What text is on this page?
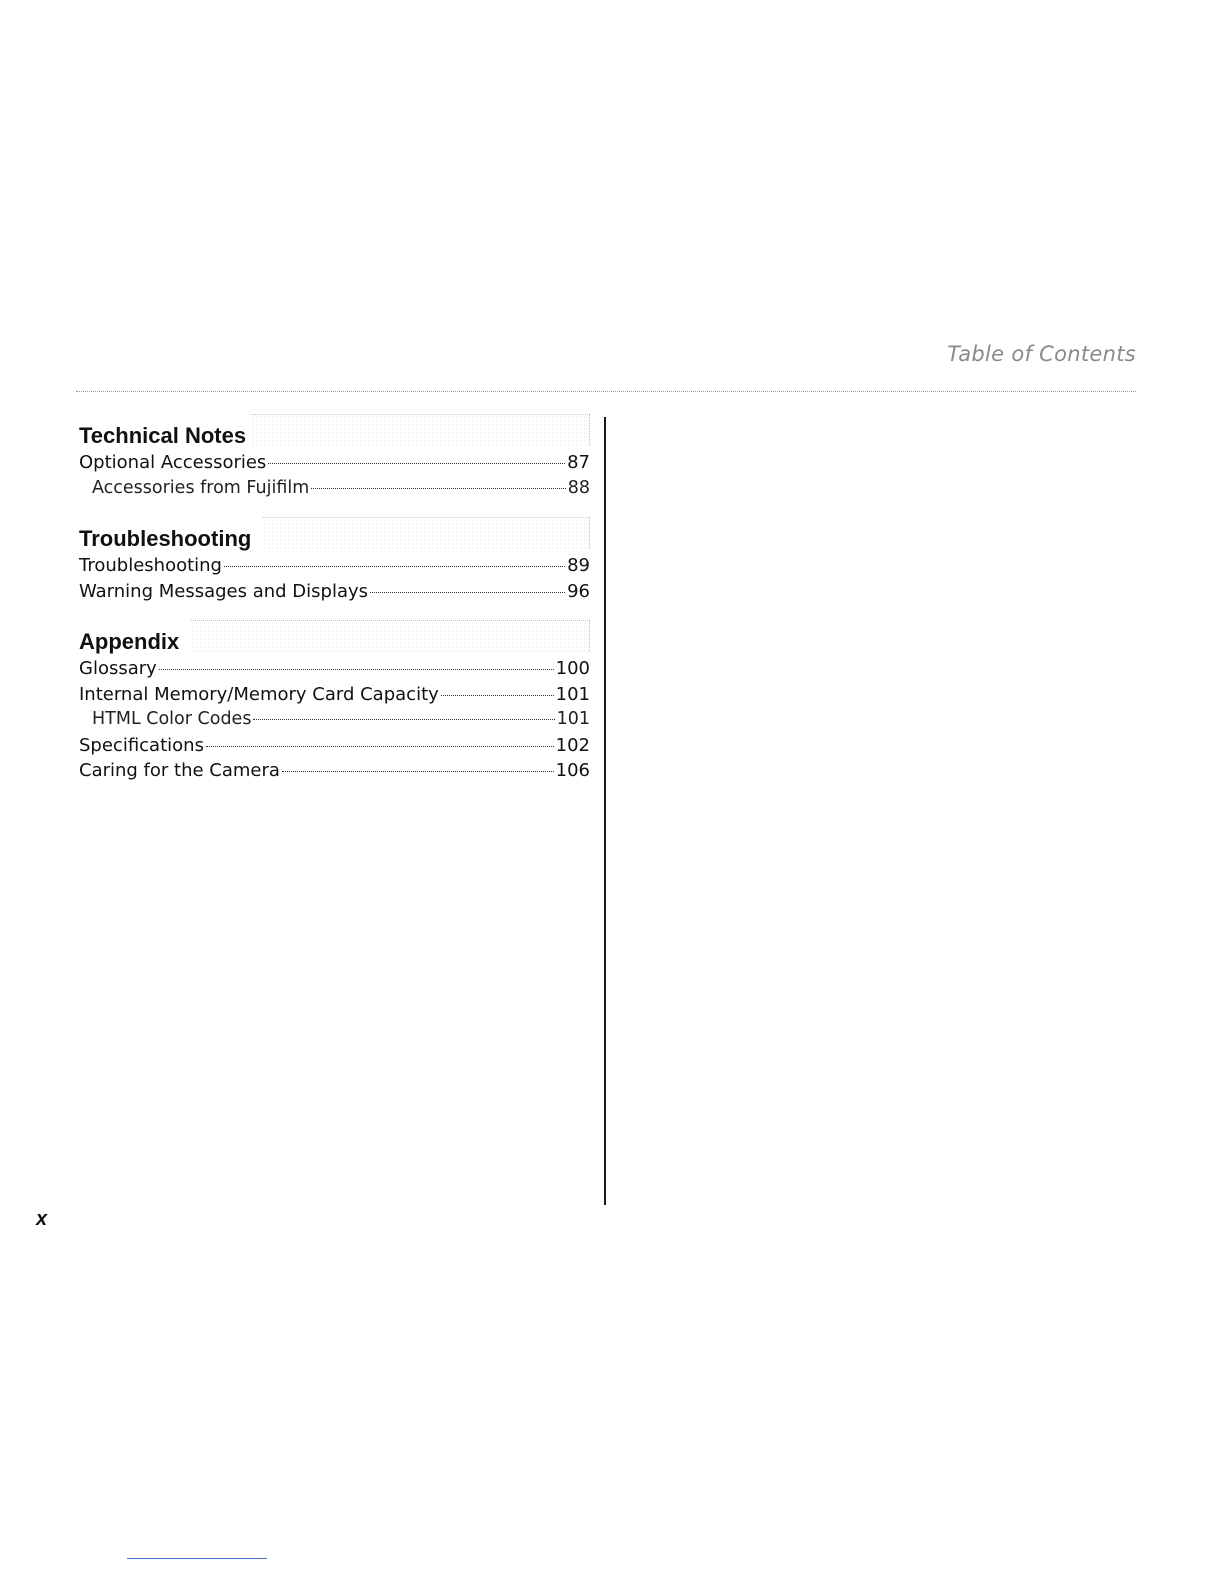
Table of Contents
Technical Notes
Optional Accessories	87
Accessories from Fujifilm	88
Troubleshooting
Troubleshooting	89
Warning Messages and Displays	96
Appendix
Glossary	100
Internal Memory/Memory Card Capacity	101
HTML Color Codes	101
Specifications	102
Caring for the Camera	106
x
